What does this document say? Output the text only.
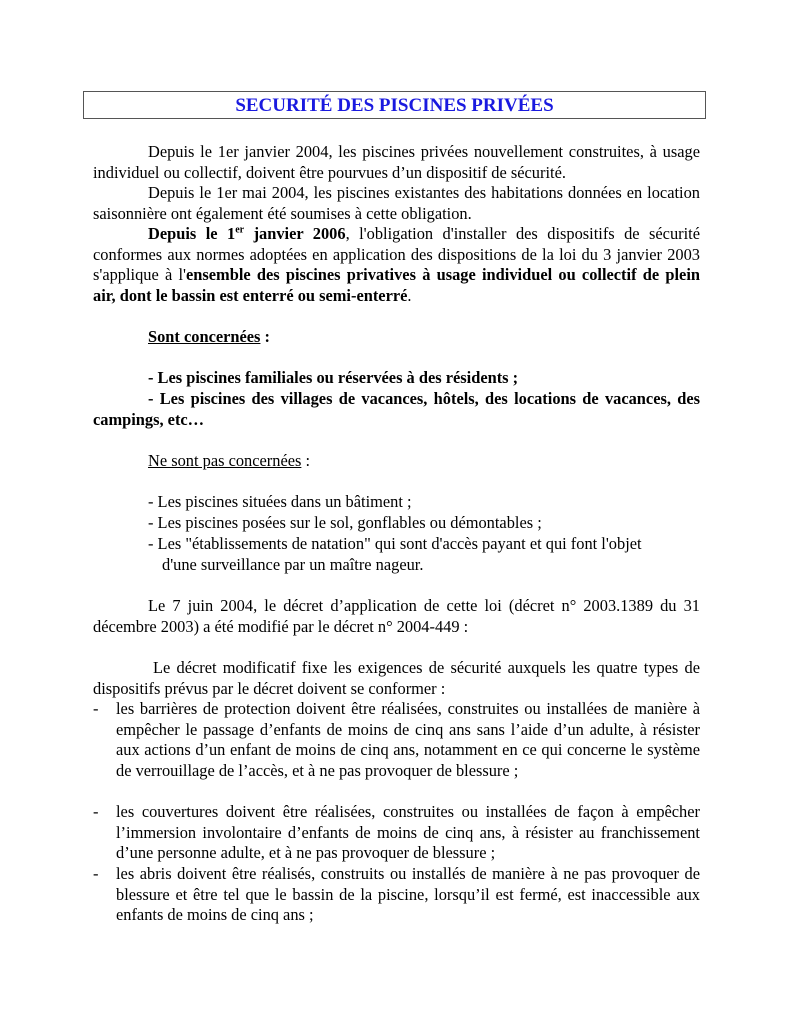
SECURITÉ DES PISCINES PRIVÉES

Depuis le 1er janvier 2004, les piscines privées nouvellement construites, à usage individuel ou collectif, doivent être pourvues d’un dispositif de sécurité.

Depuis le 1er mai 2004, les piscines existantes des habitations données en location saisonnière ont également été soumises à cette obligation.

Depuis le 1er janvier 2006, l'obligation d'installer des dispositifs de sécurité conformes aux normes adoptées en application des dispositions de la loi du 3 janvier 2003 s'applique à l'ensemble des piscines privatives à usage individuel ou collectif de plein air, dont le bassin est enterré ou semi-enterré.

Sont concernées :

- Les piscines familiales ou réservées à des résidents ;

- Les piscines des villages de vacances, hôtels, des locations de vacances, des campings, etc…

Ne sont pas concernées :

- Les piscines situées dans un bâtiment ;

- Les piscines posées sur le sol, gonflables ou démontables ;

- Les "établissements de natation" qui sont d'accès payant et qui font l'objet

d'une surveillance par un maître nageur.

Le 7 juin 2004, le décret d’application de cette loi (décret n° 2003.1389 du 31 décembre 2003) a été modifié par le décret n° 2004-449 :

Le décret modificatif fixe les exigences de sécurité auxquels les quatre types de dispositifs prévus par le décret doivent se conformer :

- les barrières de protection doivent être réalisées, construites ou installées de manière à empêcher le passage d’enfants de moins de cinq ans sans l’aide d’un adulte, à résister aux actions d’un enfant de moins de cinq ans, notamment en ce qui concerne le système de verrouillage de l’accès, et à ne pas provoquer de blessure ;
- les couvertures doivent être réalisées, construites ou installées de façon à empêcher l’immersion involontaire d’enfants de moins de cinq ans, à résister au franchissement d’une personne adulte, et à ne pas provoquer de blessure ;
- les abris doivent être réalisés, construits ou installés de manière à ne pas provoquer de blessure et être tel que le bassin de la piscine, lorsqu’il est fermé, est inaccessible aux enfants de moins de cinq ans ;
